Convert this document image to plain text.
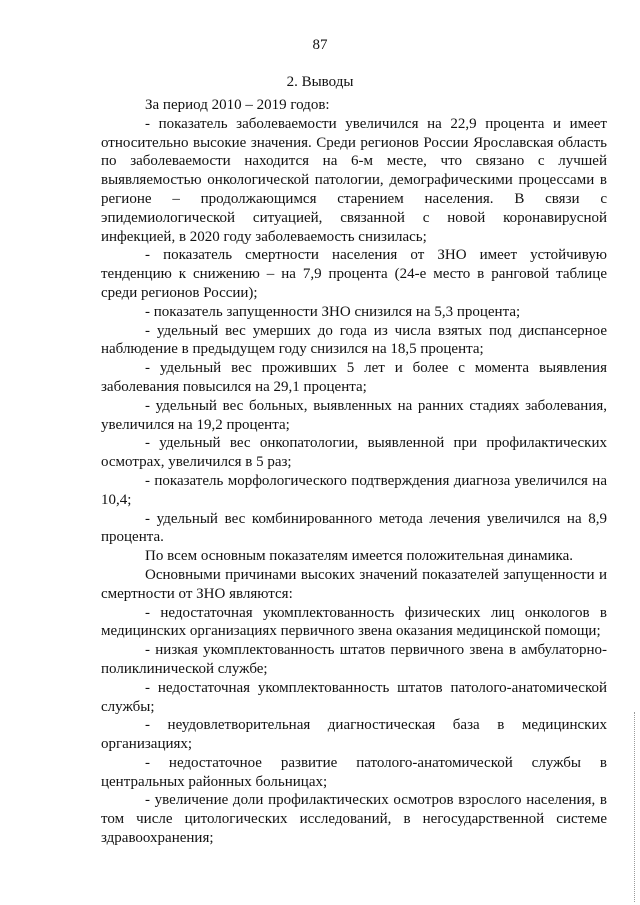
87
2. Выводы

За период 2010 – 2019 годов:

- показатель заболеваемости увеличился на 22,9 процента и имеет относительно высокие значения. Среди регионов России Ярославская область по заболеваемости находится на 6-м месте, что связано с лучшей выявляемостью онкологической патологии, демографическими процессами в регионе – продолжающимся старением населения. В связи с эпидемиологической ситуацией, связанной с новой коронавирусной инфекцией, в 2020 году заболеваемость снизилась;

- показатель смертности населения от ЗНО имеет устойчивую тенденцию к снижению – на 7,9 процента (24-е место в ранговой таблице среди регионов России);

- показатель запущенности ЗНО снизился на 5,3 процента;

- удельный вес умерших до года из числа взятых под диспансерное наблюдение в предыдущем году снизился на 18,5 процента;

- удельный вес проживших 5 лет и более с момента выявления заболевания повысился на 29,1 процента;

- удельный вес больных, выявленных на ранних стадиях заболевания, увеличился на 19,2 процента;

- удельный вес онкопатологии, выявленной при профилактических осмотрах, увеличился в 5 раз;

- показатель морфологического подтверждения диагноза увеличился на 10,4;

- удельный вес комбинированного метода лечения увеличился на 8,9 процента.

По всем основным показателям имеется положительная динамика.

Основными причинами высоких значений показателей запущенности и смертности от ЗНО являются:

- недостаточная укомплектованность физических лиц онкологов в медицинских организациях первичного звена оказания медицинской помощи;

- низкая укомплектованность штатов первичного звена в амбулаторно-поликлинической службе;

- недостаточная укомплектованность штатов патолого-анатомической службы;

- неудовлетворительная диагностическая база в медицинских организациях;

- недостаточное развитие патолого-анатомической службы в центральных районных больницах;

- увеличение доли профилактических осмотров взрослого населения, в том числе цитологических исследований, в негосударственной системе здравоохранения;
